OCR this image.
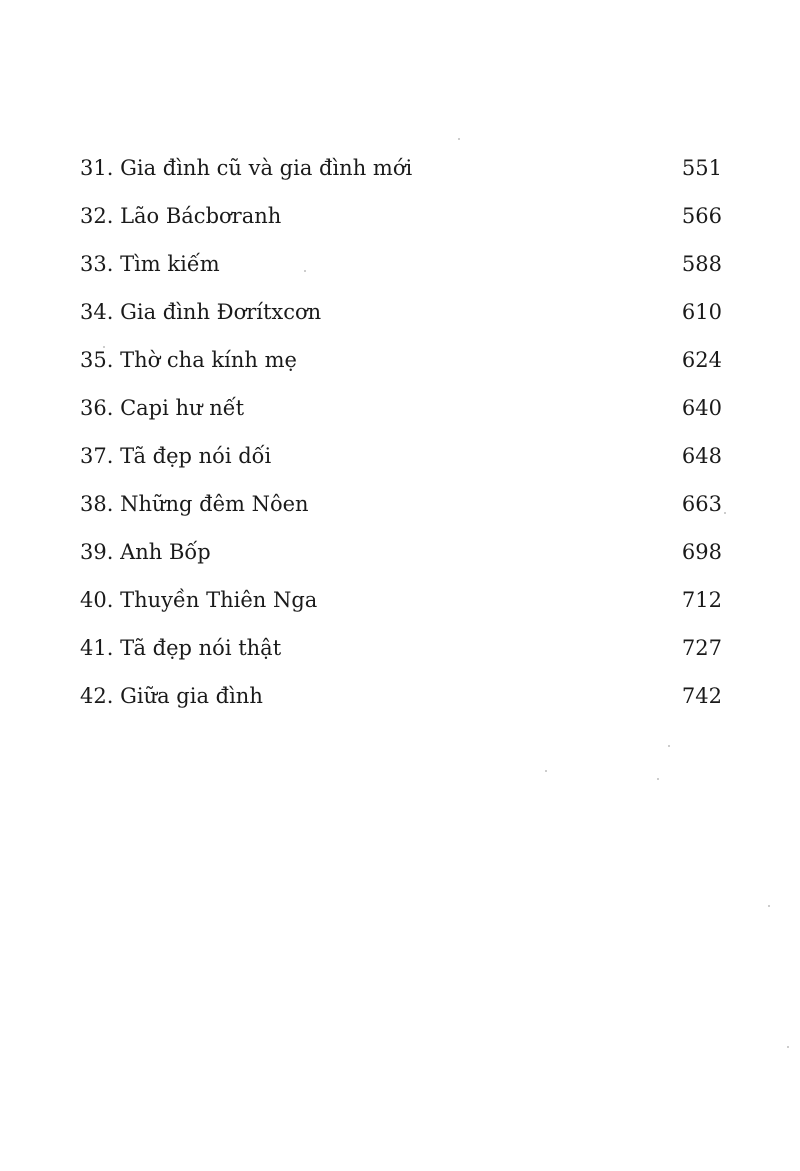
31. Gia đình cũ và gia đình mới	551
32. Lão Bácbơranh	566
33. Tìm kiếm	588
34. Gia đình Đơrítxcơn	610
35. Thờ cha kính mẹ	624
36. Capi hư nết	640
37. Tã đẹp nói dối	648
38. Những đêm Nôen	663
39. Anh Bốp	698
40. Thuyền Thiên Nga	712
41. Tã đẹp nói thật	727
42. Giữa gia đình	742
